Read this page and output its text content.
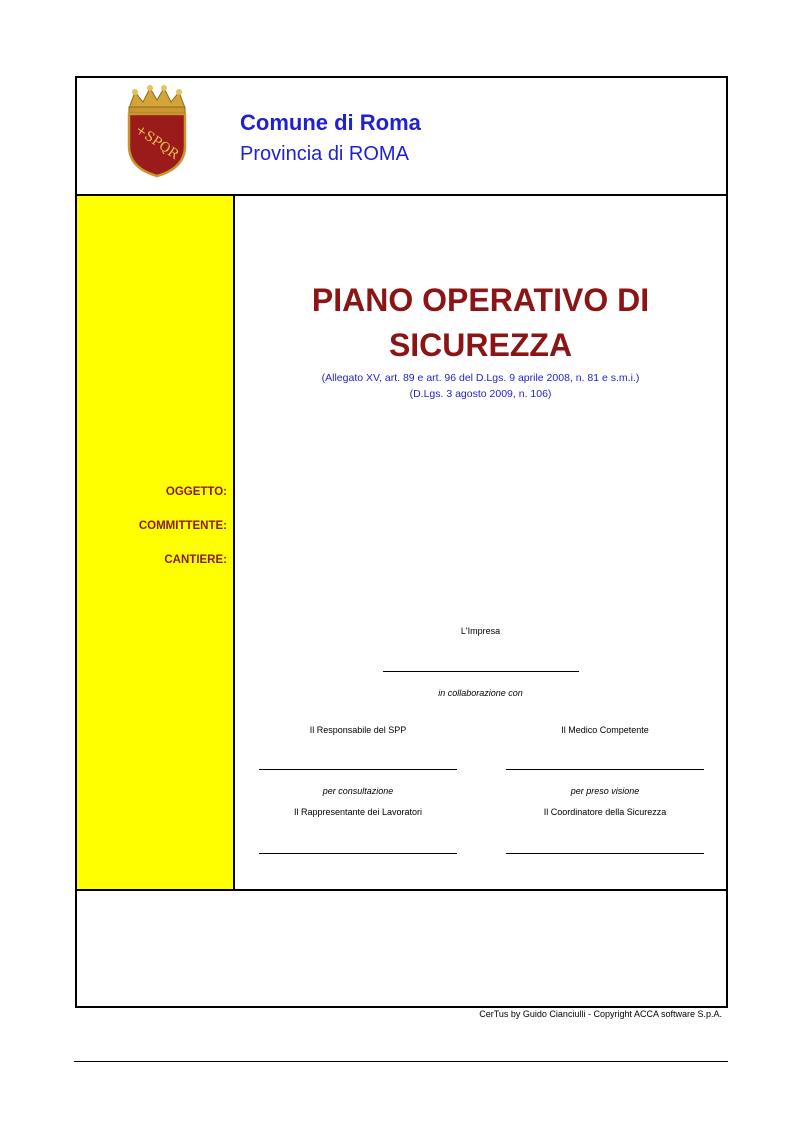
+SPQR	Comune di Roma
Provincia di ROMA
OGGETTO:
COMMITTENTE:
CANTIERE:
PIANO OPERATIVO DI
SICUREZZA
(Allegato XV, art. 89 e art. 96 del D.Lgs. 9 aprile 2008, n. 81 e s.m.i.)
(D.Lgs. 3 agosto 2009, n. 106)
L'Impresa
in collaborazione con
Il Responsabile del SPP	Il Medico Competente
per consultazione	per preso visione
Il Rappresentante dei Lavoratori	Il Coordinatore della Sicurezza
CerTus by Guido Cianciulli - Copyright ACCA software S.p.A.
